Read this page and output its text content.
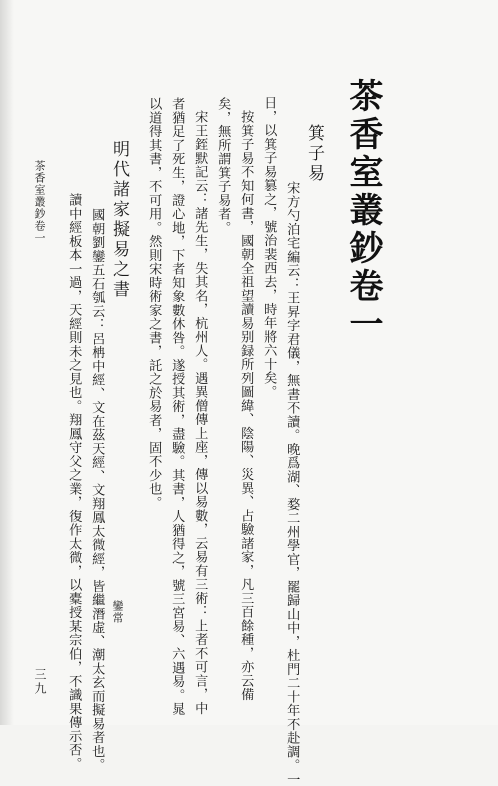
茶香室叢鈔卷一
箕子易
宋方勺泊宅編云：王昇字君儀，無書不讀。晚爲湖、婺二州學官，罷歸山中，杜門二十年不赴調。一
日，以箕子易篡之，號治裴西去，時年將六十矣。
按箕子易不知何書，國朝全祖望讀易别録所列圖緯、陰陽、災異、占驗諸家，凡三百餘種，亦云備
矣，無所謂箕子易者。
宋王銍默記云：諸先生，失其名，杭州人。遇異僧傳上座，傳以易數，云易有三術：上者不可言，中
者猶足了死生，證心地，下者知象數休咎。遂授其術，盡驗。其書，人猶得之，號三宮易、六遇易。晁
以道得其書，不可用。然則宋時術家之書，託之於易者，固不少也。
明代諸家擬易之書
國朝劉鑾五石瓠云：呂柟中經、文在茲天經、文翔鳳太微經，皆繼潛虚、潮太玄而擬易者也。
讀中經板本一過，天經則未之見也。翔鳳守父之業，復作太微，以橐授某宗伯，不識果傳示否。	鑾常
茶香室叢鈔卷一
三九
